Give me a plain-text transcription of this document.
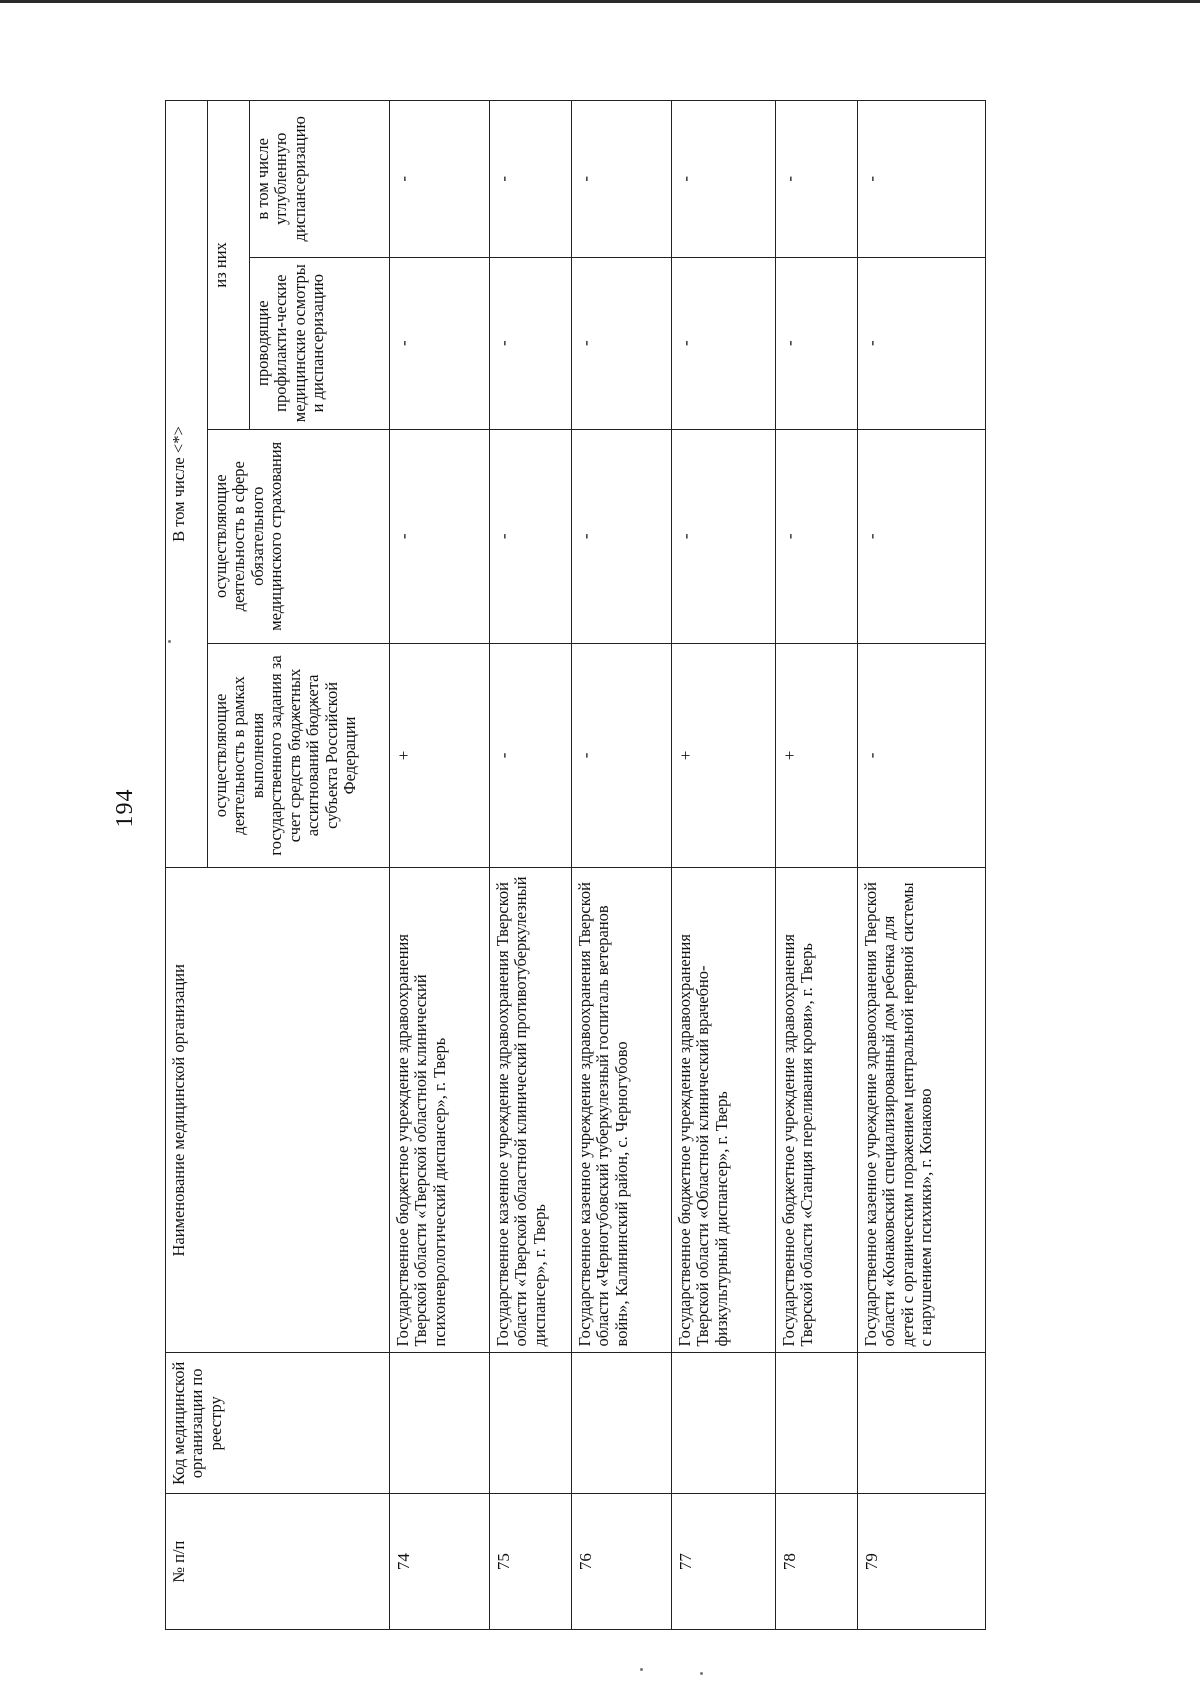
194
№ п/п	Код медицинской организации по реестру	Наименование медицинской организации	В том числе <*>			
			осуществляющие деятельность в рамках выполнения государственного задания за счет средств бюджетных ассигнований бюджета субъекта Российской Федерации	осуществляющие деятельность в сфере обязательного медицинского страхования	из них	
					проводящие профилакти-ческие медицинские осмотры и диспансеризацию	в том числе углубленную диспансеризацию
74		Государственное бюджетное учреждение здравоохранения Тверской области «Тверской областной клинический психоневрологический диспансер», г. Тверь	+	-	-	-
75		Государственное казенное учреждение здравоохранения Тверской области «Тверской областной клинический противотуберкулезный диспансер», г. Тверь	-	-	-	-
76		Государственное казенное учреждение здравоохранения Тверской области «Черногубовский туберкулезный госпиталь ветеранов войн», Калининский район, с. Черногубово	-	-	-	-
77		Государственное бюджетное учреждение здравоохранения Тверской области «Областной клинический врачебно-физкультурный диспансер», г. Тверь	+	-	-	-
78		Государственное бюджетное учреждение здравоохранения Тверской области «Станция переливания крови», г. Тверь	+	-	-	-
79		Государственное казенное учреждение здравоохранения Тверской области «Конаковский специализированный дом ребенка для детей с органическим поражением центральной нервной системы с нарушением психики», г. Конаково	-	-	-	-
